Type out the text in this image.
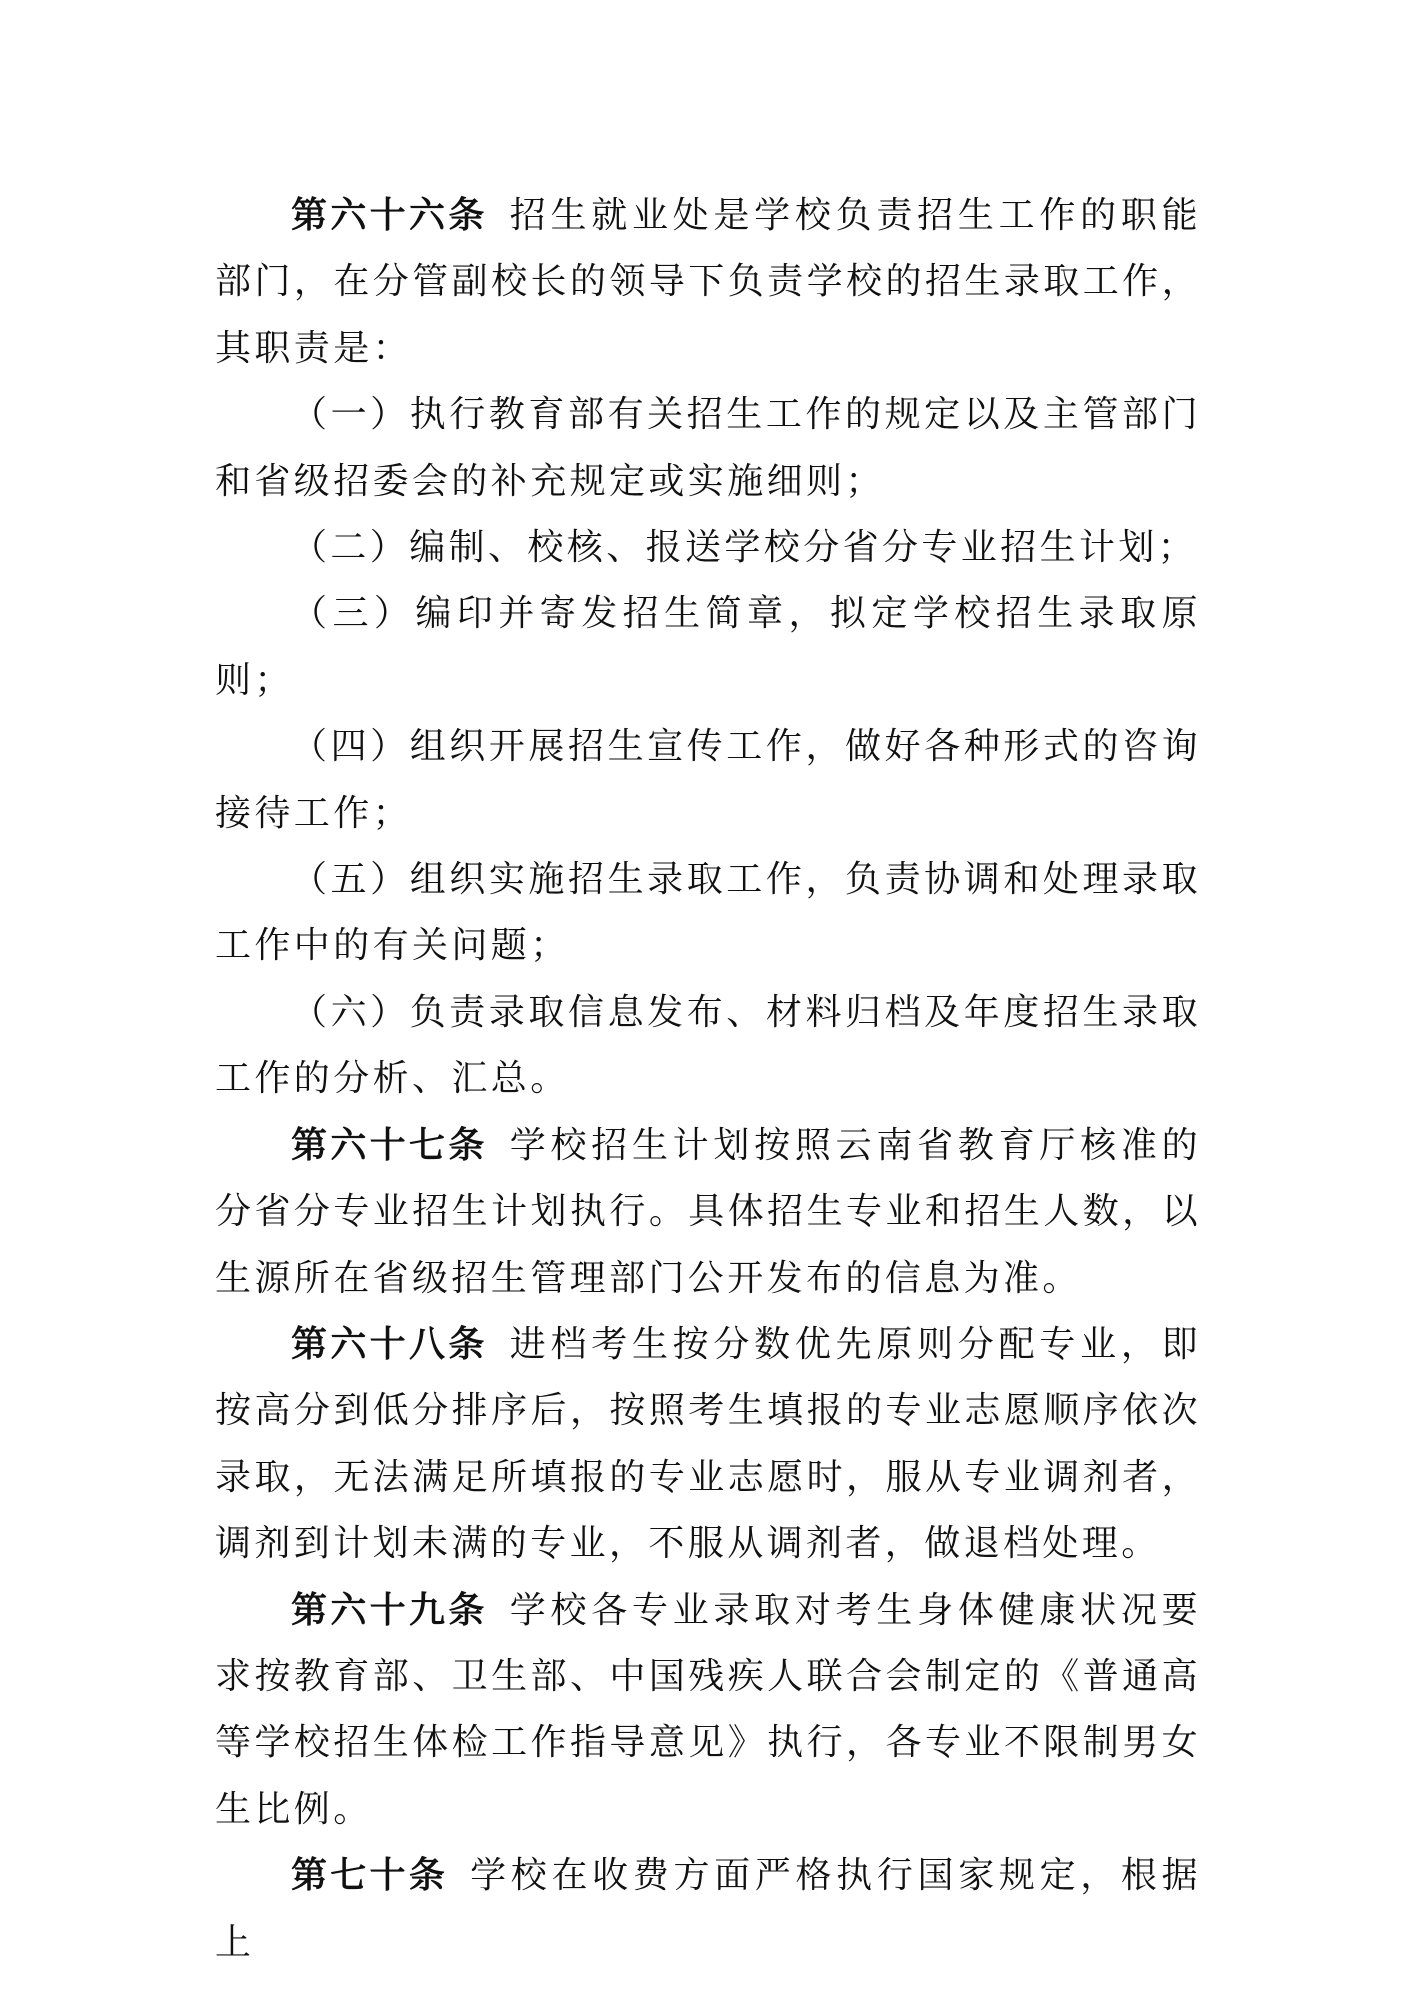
第六十六条 招生就业处是学校负责招生工作的职能部门，在分管副校长的领导下负责学校的招生录取工作，其职责是：

（一）执行教育部有关招生工作的规定以及主管部门和省级招委会的补充规定或实施细则；

（二）编制、校核、报送学校分省分专业招生计划；

（三）编印并寄发招生简章，拟定学校招生录取原则；

（四）组织开展招生宣传工作，做好各种形式的咨询接待工作；

（五）组织实施招生录取工作，负责协调和处理录取工作中的有关问题；

（六）负责录取信息发布、材料归档及年度招生录取工作的分析、汇总。

第六十七条 学校招生计划按照云南省教育厅核准的分省分专业招生计划执行。具体招生专业和招生人数，以生源所在省级招生管理部门公开发布的信息为准。

第六十八条 进档考生按分数优先原则分配专业，即按高分到低分排序后，按照考生填报的专业志愿顺序依次录取，无法满足所填报的专业志愿时，服从专业调剂者，调剂到计划未满的专业，不服从调剂者，做退档处理。

第六十九条 学校各专业录取对考生身体健康状况要求按教育部、卫生部、中国残疾人联合会制定的《普通高等学校招生体检工作指导意见》执行，各专业不限制男女生比例。

第七十条 学校在收费方面严格执行国家规定，根据上
